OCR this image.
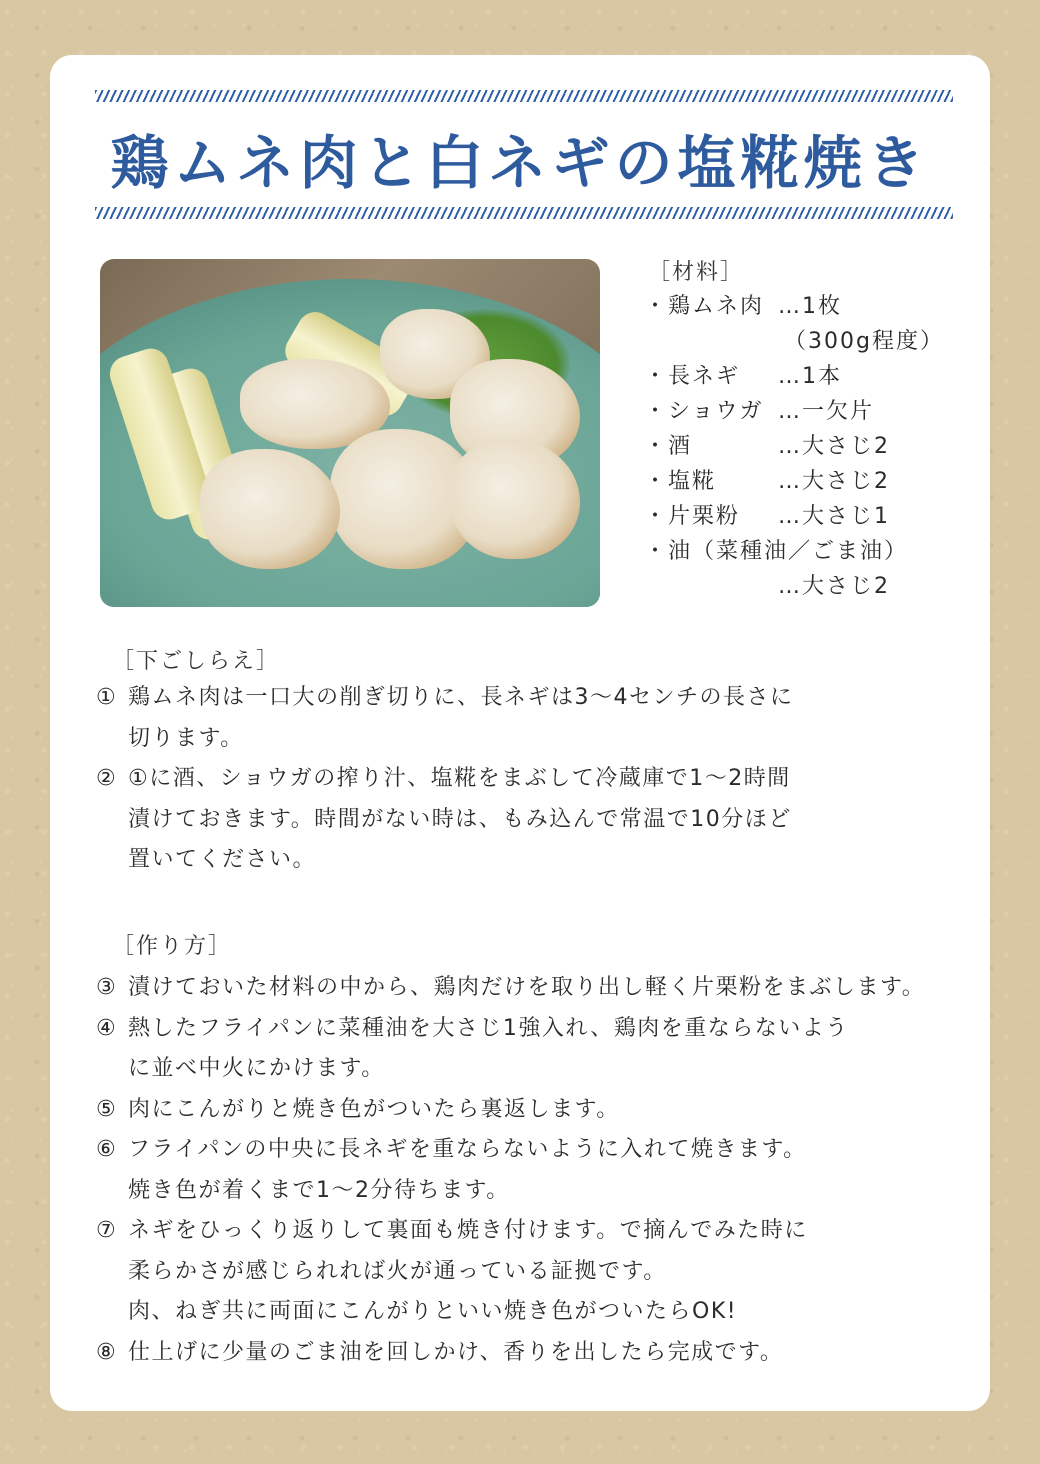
鶏ムネ肉と白ネギの塩糀焼き
［材料］
・鶏ムネ肉 …1枚
（300g程度）
・長ネギ …1本
・ショウガ …一欠片
・酒	…大さじ2
・塩糀	…大さじ2
・片栗粉 …大さじ1
・油（菜種油／ごま油）
…大さじ2
［下ごしらえ］
① 鶏ムネ肉は一口大の削ぎ切りに、長ネギは3～4センチの長さに
切ります。
② ①に酒、ショウガの搾り汁、塩糀をまぶして冷蔵庫で1～2時間
漬けておきます。時間がない時は、もみ込んで常温で10分ほど
置いてください。
［作り方］
③ 漬けておいた材料の中から、鶏肉だけを取り出し軽く片栗粉をまぶします。
④ 熱したフライパンに菜種油を大さじ1強入れ、鶏肉を重ならないよう
に並べ中火にかけます。
⑤ 肉にこんがりと焼き色がついたら裏返します。
⑥ フライパンの中央に長ネギを重ならないように入れて焼きます。
焼き色が着くまで1～2分待ちます。
⑦ ネギをひっくり返りして裏面も焼き付けます。で摘んでみた時に
柔らかさが感じられれば火が通っている証拠です。
肉、ねぎ共に両面にこんがりといい焼き色がついたらOK!
⑧ 仕上げに少量のごま油を回しかけ、香りを出したら完成です。
